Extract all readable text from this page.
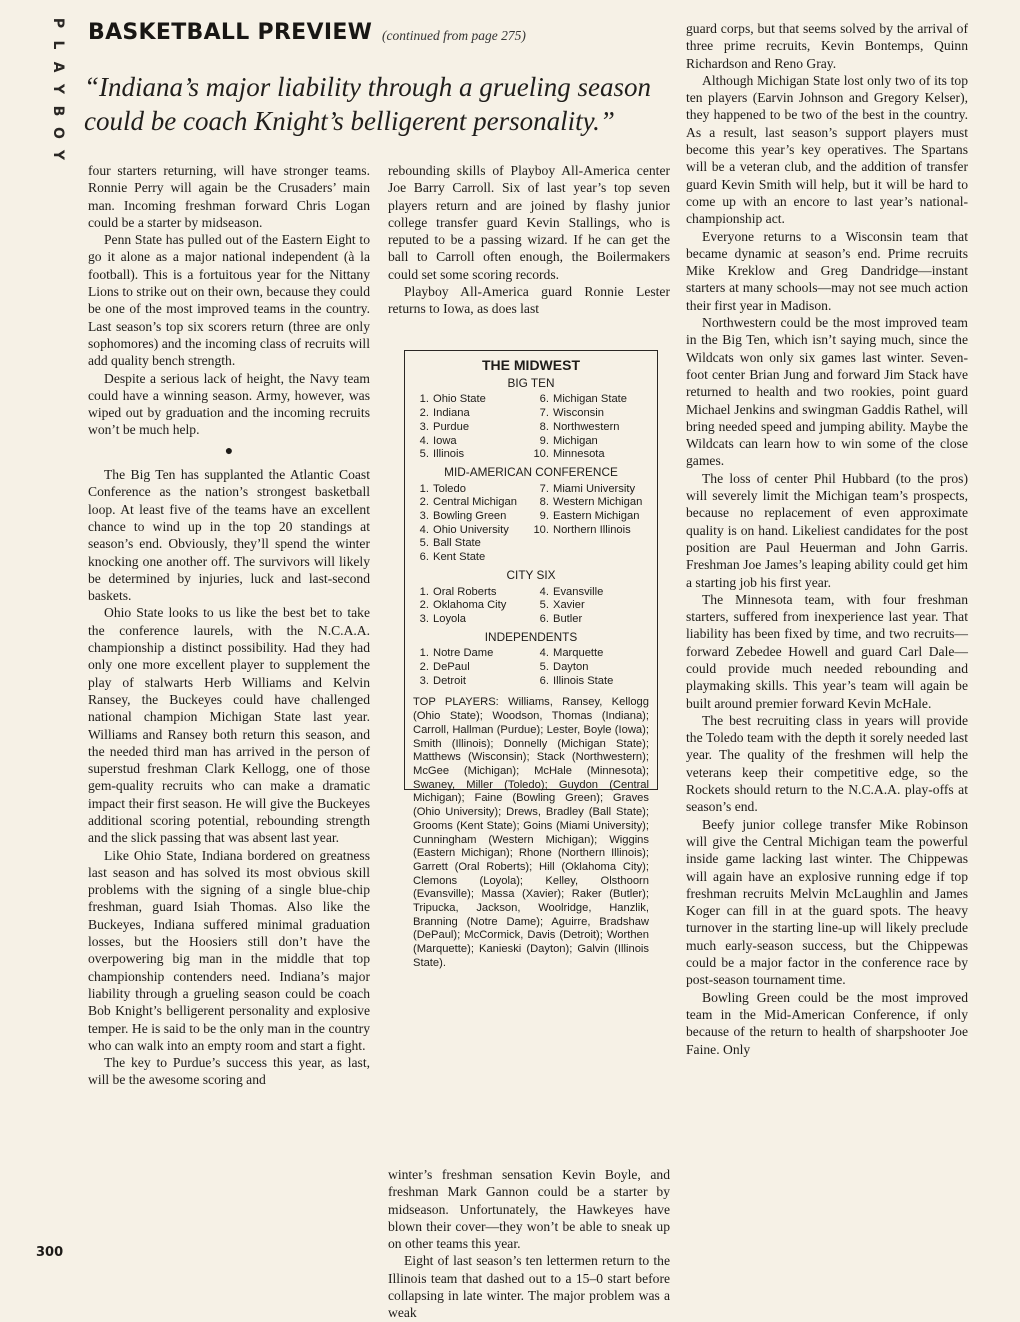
P
L
A
Y
B
O
Y
BASKETBALL PREVIEW (continued from page 275)
“Indiana’s major liability through a grueling season could be coach Knight’s belligerent personality.”

four starters returning, will have stronger teams. Ronnie Perry will again be the Crusaders’ main man. Incoming freshman forward Chris Logan could be a starter by midseason.

Penn State has pulled out of the Eastern Eight to go it alone as a major national independent (à la football). This is a fortuitous year for the Nittany Lions to strike out on their own, because they could be one of the most improved teams in the country. Last season’s top six scorers return (three are only sophomores) and the incoming class of recruits will add quality bench strength.

Despite a serious lack of height, the Navy team could have a winning season. Army, however, was wiped out by graduation and the incoming recruits won’t be much help.

●

The Big Ten has supplanted the Atlantic Coast Conference as the nation’s strongest basketball loop. At least five of the teams have an excellent chance to wind up in the top 20 standings at season’s end. Obviously, they’ll spend the winter knocking one another off. The survivors will likely be determined by injuries, luck and last-second baskets.

Ohio State looks to us like the best bet to take the conference laurels, with the N.C.A.A. championship a distinct possibility. Had they had only one more excellent player to supplement the play of stalwarts Herb Williams and Kelvin Ransey, the Buckeyes could have challenged national champion Michigan State last year. Williams and Ransey both return this season, and the needed third man has arrived in the person of superstud freshman Clark Kellogg, one of those gem-quality recruits who can make a dramatic impact their first season. He will give the Buckeyes additional scoring potential, rebounding strength and the slick passing that was absent last year.

Like Ohio State, Indiana bordered on greatness last season and has solved its most obvious skill problems with the signing of a single blue-chip freshman, guard Isiah Thomas. Also like the Buckeyes, Indiana suffered minimal graduation losses, but the Hoosiers still don’t have the overpowering big man in the middle that top championship contenders need. Indiana’s major liability through a grueling season could be coach Bob Knight’s belligerent personality and explosive temper. He is said to be the only man in the country who can walk into an empty room and start a fight.

The key to Purdue’s success this year, as last, will be the awesome scoring and

300

rebounding skills of Playboy All-America center Joe Barry Carroll. Six of last year’s top seven players return and are joined by flashy junior college transfer guard Kevin Stallings, who is reputed to be a passing wizard. If he can get the ball to Carroll often enough, the Boilermakers could set some scoring records.

Playboy All-America guard Ronnie Lester returns to Iowa, as does last

THE MIDWEST
BIG TEN
1. Ohio State
2. Indiana
3. Purdue
4. Iowa
5. Illinois
6. Michigan State
7. Wisconsin
8. Northwestern
9. Michigan
10. Minnesota
MID-AMERICAN CONFERENCE
1. Toledo
2. Central Michigan
3. Bowling Green
4. Ohio University
5. Ball State
6. Kent State
7. Miami University
8. Western Michigan
9. Eastern Michigan
10. Northern Illinois
CITY SIX
1. Oral Roberts
2. Oklahoma City
3. Loyola
4. Evansville
5. Xavier
6. Butler
INDEPENDENTS
1. Notre Dame
2. DePaul
3. Detroit
4. Marquette
5. Dayton
6. Illinois State
TOP PLAYERS: Williams, Ransey, Kellogg (Ohio State); Woodson, Thomas (Indiana); Carroll, Hallman (Purdue); Lester, Boyle (Iowa); Smith (Illinois); Donnelly (Michigan State); Matthews (Wisconsin); Stack (Northwestern); McGee (Michigan); McHale (Minnesota); Swaney, Miller (Toledo); Guydon (Central Michigan); Faine (Bowling Green); Graves (Ohio University); Drews, Bradley (Ball State); Grooms (Kent State); Goins (Miami University); Cunningham (Western Michigan); Wiggins (Eastern Michigan); Rhone (Northern Illinois); Garrett (Oral Roberts); Hill (Oklahoma City); Clemons (Loyola); Kelley, Olsthoorn (Evansville); Massa (Xavier); Raker (Butler); Tripucka, Jackson, Woolridge, Hanzlik, Branning (Notre Dame); Aguirre, Bradshaw (DePaul); McCormick, Davis (Detroit); Worthen (Marquette); Kanieski (Dayton); Galvin (Illinois State).

winter’s freshman sensation Kevin Boyle, and freshman Mark Gannon could be a starter by midseason. Unfortunately, the Hawkeyes have blown their cover—they won’t be able to sneak up on other teams this year.

Eight of last season’s ten lettermen return to the Illinois team that dashed out to a 15–0 start before collapsing in late winter. The major problem was a weak

guard corps, but that seems solved by the arrival of three prime recruits, Kevin Bontemps, Quinn Richardson and Reno Gray.

Although Michigan State lost only two of its top ten players (Earvin Johnson and Gregory Kelser), they happened to be two of the best in the country. As a result, last season’s support players must become this year’s key operatives. The Spartans will be a veteran club, and the addition of transfer guard Kevin Smith will help, but it will be hard to come up with an encore to last year’s national-championship act.

Everyone returns to a Wisconsin team that became dynamic at season’s end. Prime recruits Mike Kreklow and Greg Dandridge—instant starters at many schools—may not see much action their first year in Madison.

Northwestern could be the most improved team in the Big Ten, which isn’t saying much, since the Wildcats won only six games last winter. Seven-foot center Brian Jung and forward Jim Stack have returned to health and two rookies, point guard Michael Jenkins and swingman Gaddis Rathel, will bring needed speed and jumping ability. Maybe the Wildcats can learn how to win some of the close games.

The loss of center Phil Hubbard (to the pros) will severely limit the Michigan team’s prospects, because no replacement of even approximate quality is on hand. Likeliest candidates for the post position are Paul Heuerman and John Garris. Freshman Joe James’s leaping ability could get him a starting job his first year.

The Minnesota team, with four freshman starters, suffered from inexperience last year. That liability has been fixed by time, and two recruits—forward Zebedee Howell and guard Carl Dale—could provide much needed rebounding and playmaking skills. This year’s team will again be built around premier forward Kevin McHale.

The best recruiting class in years will provide the Toledo team with the depth it sorely needed last year. The quality of the freshmen will help the veterans keep their competitive edge, so the Rockets should return to the N.C.A.A. play-offs at season’s end.

Beefy junior college transfer Mike Robinson will give the Central Michigan team the powerful inside game lacking last winter. The Chippewas will again have an explosive running edge if top freshman recruits Melvin McLaughlin and James Koger can fill in at the guard spots. The heavy turnover in the starting line-up will likely preclude much early-season success, but the Chippewas could be a major factor in the conference race by post-season tournament time.

Bowling Green could be the most improved team in the Mid-American Conference, if only because of the return to health of sharpshooter Joe Faine. Only
